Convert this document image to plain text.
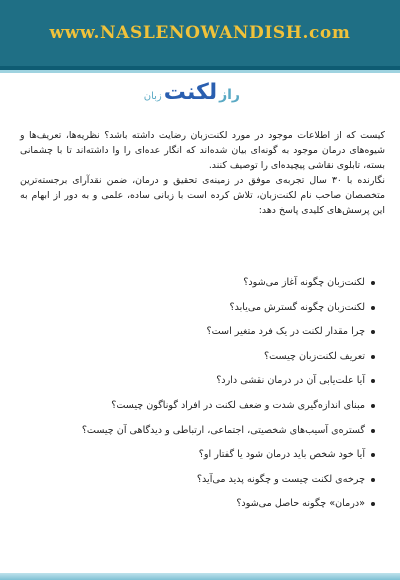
www.NASLENOWANDISH.com
راز
لکنت
زبان

کیست که از اطلاعات موجود در مورد لکنت‌زبان رضایت داشته باشد؟ نظریه‌ها، تعریف‌ها و شیوه‌های درمان موجود به گونه‌ای بیان شده‌اند که انگار عده‌ای را وا داشته‌اند تا با چشمانی بسته، تابلوی نقاشی پیچیده‌ای را توصیف کنند.

نگارنده با ۳۰ سال تجربه‌ی موفق در زمینه‌ی تحقیق و درمان، ضمن نقدآرای برجسته‌ترین متخصصان صاحب نام لکنت‌زبان، تلاش کرده است با زبانی ساده، علمی و به دور از ابهام به این پرسش‌های کلیدی پاسخ دهد:

لکنت‌زبان چگونه آغاز می‌شود؟
لکنت‌زبان چگونه گسترش می‌یابد؟
چرا مقدار لکنت در یک فرد متغیر است؟
تعریف لکنت‌زبان چیست؟
آیا علت‌یابی آن در درمان نقشی دارد؟
مبنای اندازه‌گیری شدت و ضعف لکنت در افراد گوناگون چیست؟
گستره‌ی آسیب‌های شخصیتی، اجتماعی، ارتباطی و دیدگاهی آن چیست؟
آیا خود شخص باید درمان شود یا گفتار او؟
چرخه‌ی لکنت چیست و چگونه پدید می‌آید؟
«درمان» چگونه حاصل می‌شود؟
